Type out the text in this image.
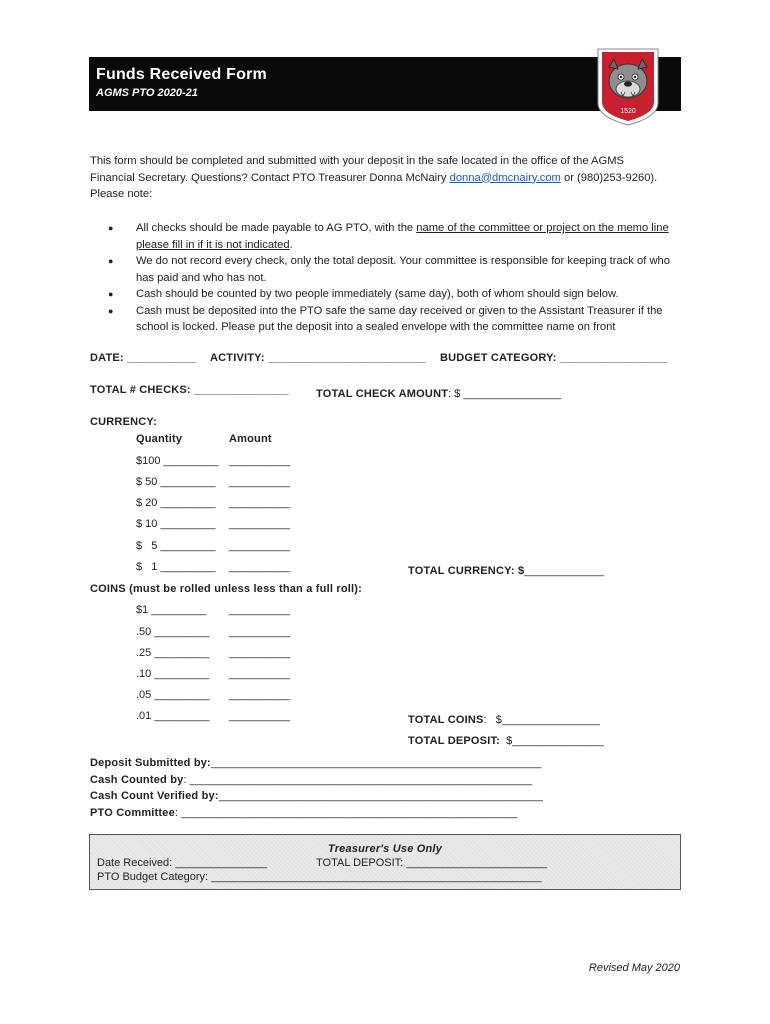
Funds Received Form
AGMS PTO 2020-21
1520
This form should be completed and submitted with your deposit in the safe located in the office of the AGMS
Financial Secretary. Questions? Contact PTO Treasurer Donna McNairy donna@dmcnairy.com or (980)253-9260).
Please note:
●	All checks should be made payable to AG PTO, with the name of the committee or project on the memo line
please fill in if it is not indicated.
●	We do not record every check, only the total deposit. Your committee is responsible for keeping track of who has paid and who has not.
●	Cash should be counted by two people immediately (same day), both of whom should sign below.
●	Cash must be deposited into the PTO safe the same day received or given to the Assistant Treasurer if the school is locked. Please put the deposit into a sealed envelope with the committee name on front
DATE: ___________ ACTIVITY: _________________________ BUDGET CATEGORY: _________________
TOTAL # CHECKS: _______________ TOTAL CHECK AMOUNT: $ ________________
CURRENCY:
Quantity	Amount
$100 _________ __________
$ 50 _________ __________
$ 20 _________ __________
$ 10 _________ __________
$   5 _________ __________
$   1 _________ __________	TOTAL CURRENCY: $_____________
COINS (must be rolled unless less than a full roll):
$1 _________ __________
.50 _________ __________
.25 _________ __________
.10 _________ __________
.05 _________ __________
.01 _________ __________	TOTAL COINS:   $________________
TOTAL DEPOSIT:  $_______________
Deposit Submitted by:______________________________________________________
Cash Counted by: ________________________________________________________
Cash Count Verified by:_____________________________________________________
PTO Committee: _______________________________________________________
Treasurer's Use Only
Date Received: _______________	TOTAL DEPOSIT: _______________________
PTO Budget Category: ______________________________________________________
Revised May 2020
